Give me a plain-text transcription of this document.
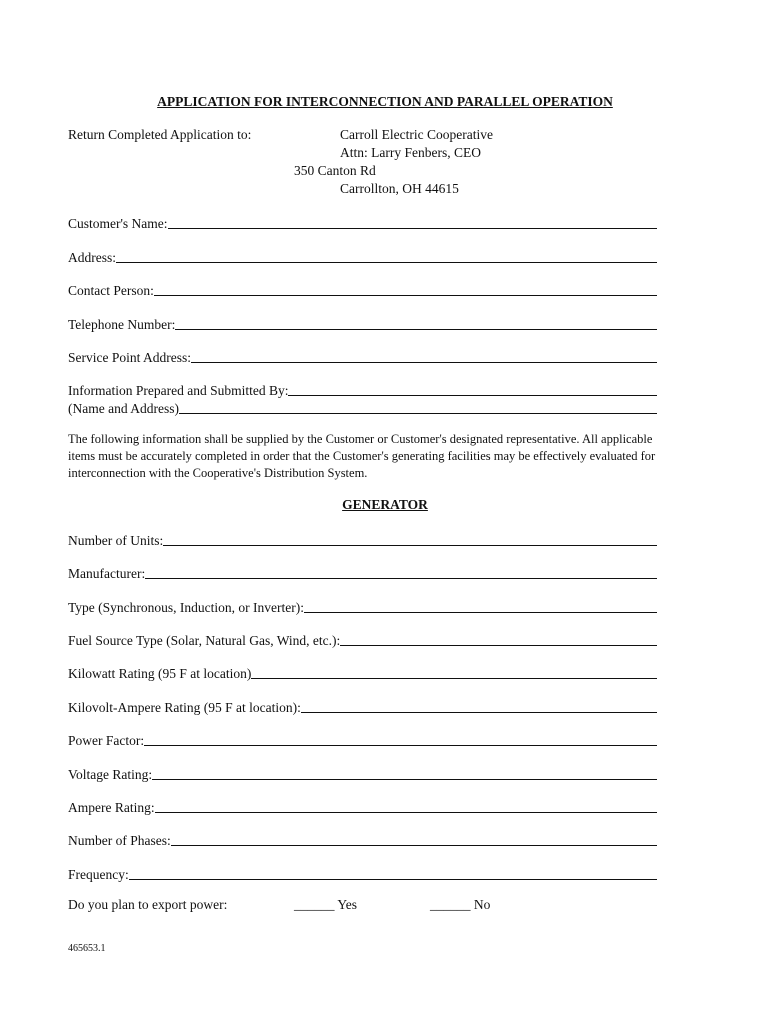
APPLICATION FOR INTERCONNECTION AND PARALLEL OPERATION
Return Completed Application to:	Carroll Electric Cooperative
Attn: Larry Fenbers, CEO
350 Canton Rd
Carrollton, OH 44615
Customer's Name:
Address:
Contact Person:
Telephone Number:
Service Point Address:
Information Prepared and Submitted By:
(Name and Address)
The following information shall be supplied by the Customer or Customer's designated representative. All applicable items must be accurately completed in order that the Customer's generating facilities may be effectively evaluated for interconnection with the Cooperative's Distribution System.
GENERATOR
Number of Units:
Manufacturer:
Type (Synchronous, Induction, or Inverter):
Fuel Source Type (Solar, Natural Gas, Wind, etc.):
Kilowatt Rating (95 F at location)
Kilovolt-Ampere Rating (95 F at location):
Power Factor:
Voltage Rating:
Ampere Rating:
Number of Phases:
Frequency:
Do you plan to export power:	______ Yes	______ No
465653.1
